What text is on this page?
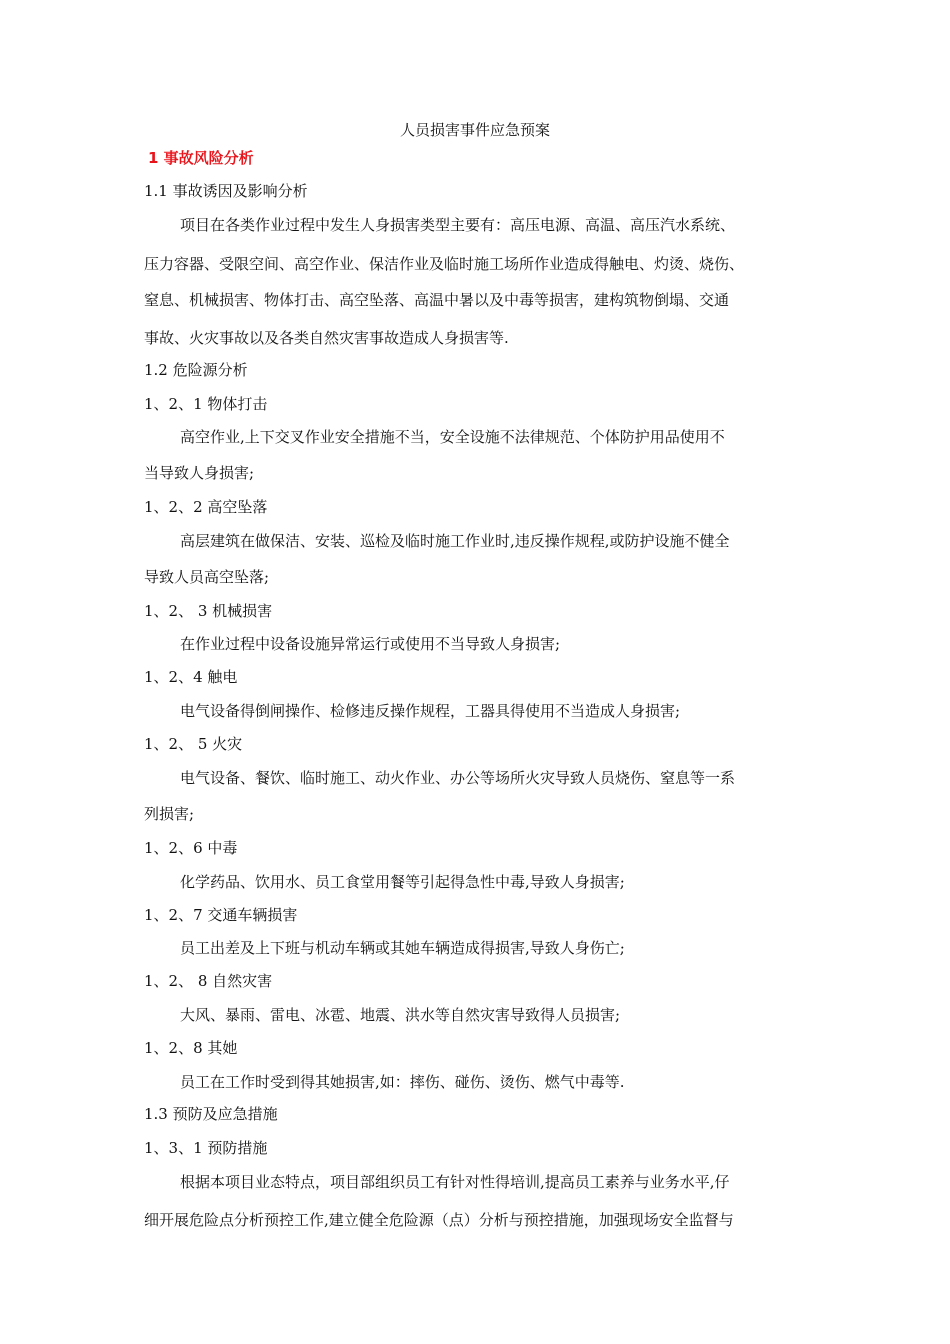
人员损害事件应急预案
1 事故风险分析
1.1 事故诱因及影响分析
项目在各类作业过程中发生人身损害类型主要有：高压电源、高温、高压汽水系统、
压力容器、受限空间、高空作业、保洁作业及临时施工场所作业造成得触电、灼烫、烧伤、
窒息、机械损害、物体打击、高空坠落、高温中暑以及中毒等损害，建构筑物倒塌、交通
事故、火灾事故以及各类自然灾害事故造成人身损害等.
1.2 危险源分析
1、2、1 物体打击
高空作业,上下交叉作业安全措施不当，安全设施不法律规范、个体防护用品使用不
当导致人身损害;
1、2、2 高空坠落
高层建筑在做保洁、安装、巡检及临时施工作业时,违反操作规程,或防护设施不健全
导致人员高空坠落;
1、2、 3 机械损害
在作业过程中设备设施异常运行或使用不当导致人身损害;
1、2、4 触电
电气设备得倒闸操作、检修违反操作规程，工器具得使用不当造成人身损害;
1、2、 5 火灾
电气设备、餐饮、临时施工、动火作业、办公等场所火灾导致人员烧伤、窒息等一系
列损害;
1、2、6 中毒
化学药品、饮用水、员工食堂用餐等引起得急性中毒,导致人身损害;
1、2、7 交通车辆损害
员工出差及上下班与机动车辆或其她车辆造成得损害,导致人身伤亡;
1、2、 8 自然灾害
大风、暴雨、雷电、冰雹、地震、洪水等自然灾害导致得人员损害;
1、2、8 其她
员工在工作时受到得其她损害,如：摔伤、碰伤、烫伤、燃气中毒等.
1.3 预防及应急措施
1、3、1 预防措施
根据本项目业态特点，项目部组织员工有针对性得培训,提高员工素养与业务水平,仔
细开展危险点分析预控工作,建立健全危险源（点）分析与预控措施，加强现场安全监督与
